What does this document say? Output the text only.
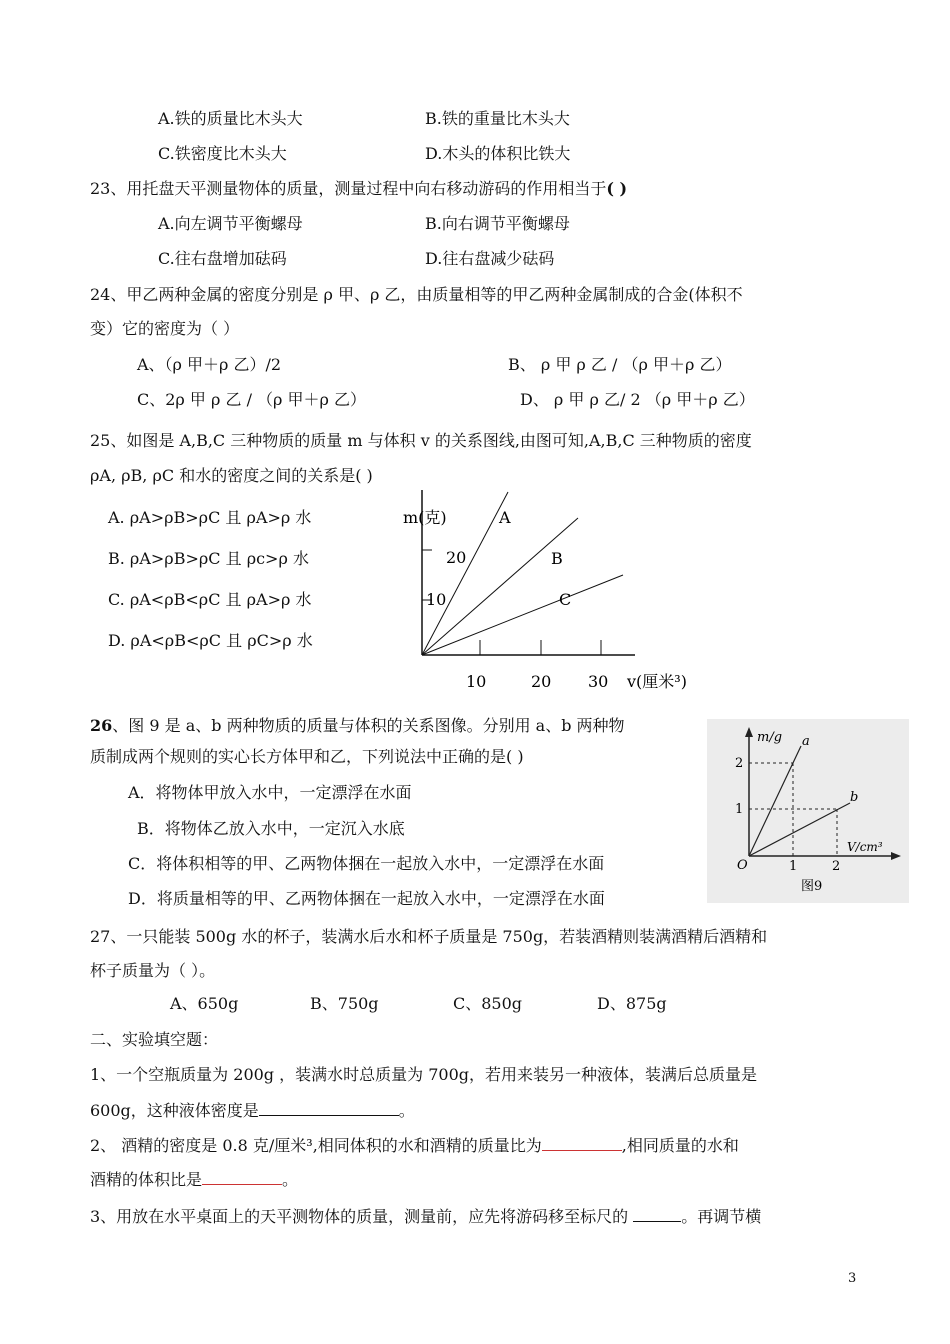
A.铁的质量比木头大	B.铁的重量比木头大
C.铁密度比木头大	D.木头的体积比铁大
23、用托盘天平测量物体的质量，测量过程中向右移动游码的作用相当于( )
A.向左调节平衡螺母	B.向右调节平衡螺母
C.往右盘增加砝码	D.往右盘减少砝码
24、甲乙两种金属的密度分别是 ρ 甲、ρ 乙，由质量相等的甲乙两种金属制成的合金(体积不
变）它的密度为（ ）
A、（ρ 甲＋ρ 乙）/2	B、 ρ 甲 ρ 乙 / （ρ 甲＋ρ 乙）
C、2ρ 甲 ρ 乙 / （ρ 甲＋ρ 乙）	D、 ρ 甲 ρ 乙/ 2 （ρ 甲＋ρ 乙）
25、如图是 A,B,C 三种物质的质量 m 与体积 v 的关系图线,由图可知,A,B,C 三种物质的密度
ρA, ρB, ρC 和水的密度之间的关系是( )
A. ρA>ρB>ρC 且 ρA>ρ 水
B. ρA>ρB>ρC 且 ρc>ρ 水
C. ρA<ρB<ρC 且 ρA>ρ 水
D. ρA<ρB<ρC 且 ρC>ρ 水
m(克)
20
10
A
B
C
10	20 30 v(厘米³)
26、图 9 是 a、b 两种物质的质量与体积的关系图像。分别用 a、b 两种物
质制成两个规则的实心长方体甲和乙，下列说法中正确的是( )
A．将物体甲放入水中，一定漂浮在水面
B．将物体乙放入水中，一定沉入水底
C．将体积相等的甲、乙两物体捆在一起放入水中，一定漂浮在水面
D．将质量相等的甲、乙两物体捆在一起放入水中，一定漂浮在水面
m/g
2
1
a
b
O	1	2
V/cm³
图9
27、一只能装 500g 水的杯子，装满水后水和杯子质量是 750g，若装酒精则装满酒精后酒精和
杯子质量为（ ）。
A、650g	B、750g	C、850g	D、875g
二、实验填空题：
1、一个空瓶质量为 200g ，装满水时总质量为 700g，若用来装另一种液体，装满后总质量是
600g，这种液体密度是	。
2、 酒精的密度是 0.8 克/厘米³,相同体积的水和酒精的质量比为	,相同质量的水和
酒精的体积比是	。
3、用放在水平桌面上的天平测物体的质量，测量前，应先将游码移至标尺的	。再调节横
3
